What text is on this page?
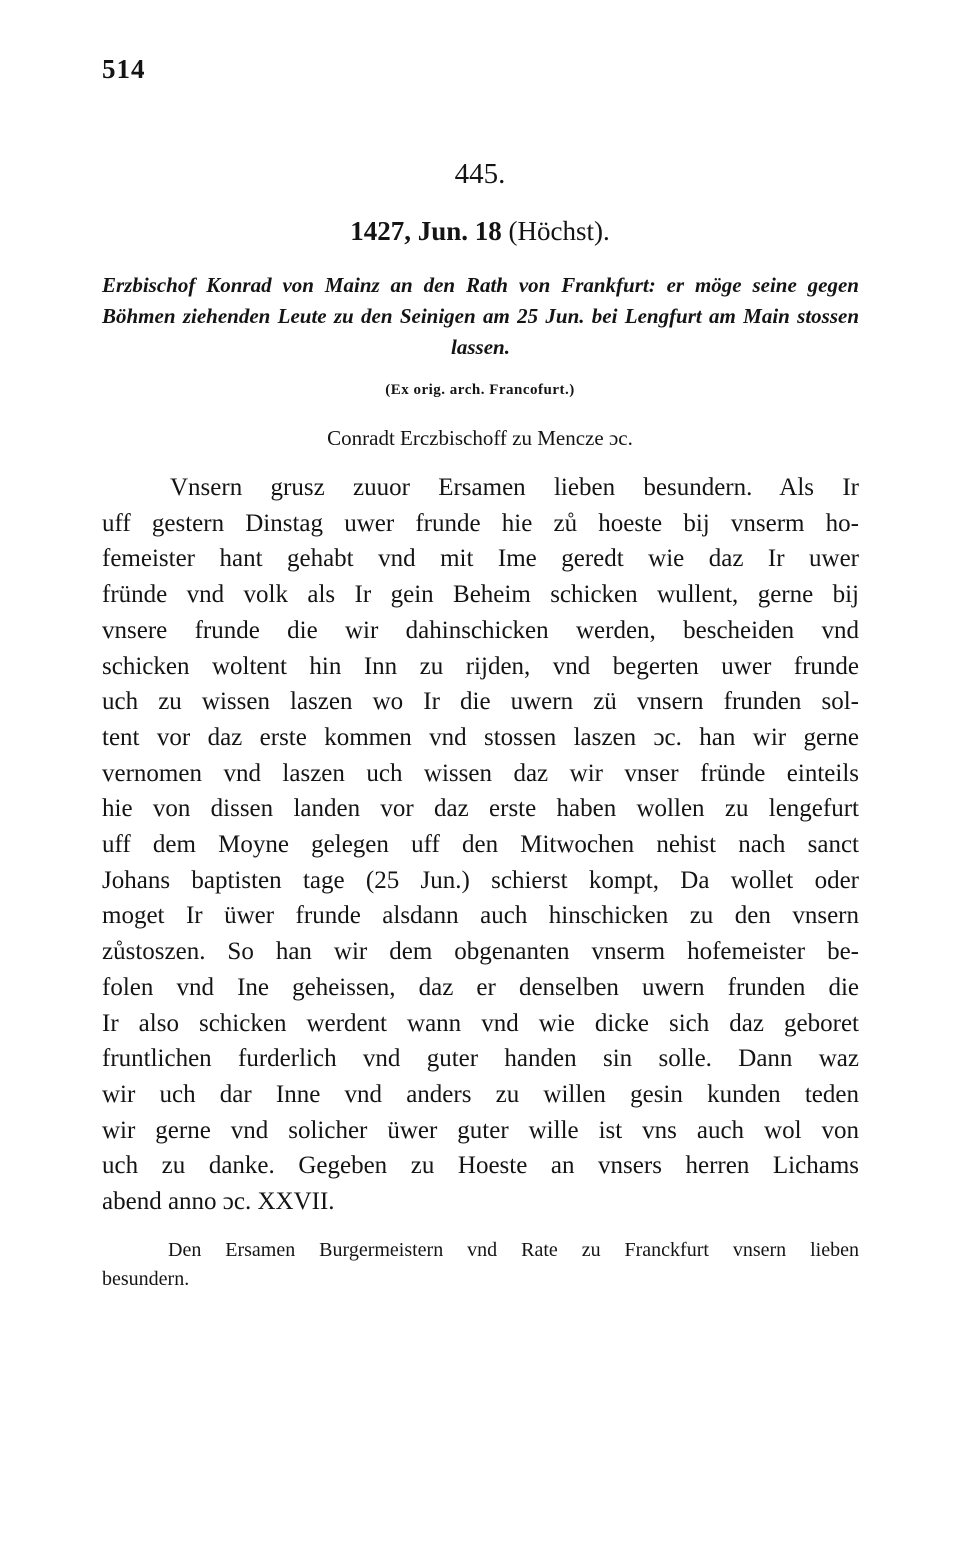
514

445.

1427, Jun. 18 (Höchst).

Erzbischof Konrad von Mainz an den Rath von Frankfurt: er möge seine gegen Böhmen ziehenden Leute zu den Seinigen am 25 Jun. bei Lengfurt am Main stossen lassen.

(Ex orig. arch. Francofurt.)

Conradt Erczbischoff zu Mencze ɔc.

Vnsern grusz zuuor Ersamen lieben besundern. Als Ir
uff gestern Dinstag uwer frunde hie zů hoeste bij vnserm ho-
femeister hant gehabt vnd mit Ime geredt wie daz Ir uwer
fründe vnd volk als Ir gein Beheim schicken wullent, gerne bij
vnsere frunde die wir dahinschicken werden, bescheiden vnd
schicken woltent hin Inn zu rijden, vnd begerten uwer frunde
uch zu wissen laszen wo Ir die uwern zü vnsern frunden sol-
tent vor daz erste kommen vnd stossen laszen ɔc. han wir gerne
vernomen vnd laszen uch wissen daz wir vnser fründe einteils
hie von dissen landen vor daz erste haben wollen zu lengefurt
uff dem Moyne gelegen uff den Mitwochen nehist nach sanct
Johans baptisten tage (25 Jun.) schierst kompt, Da wollet oder
moget Ir üwer frunde alsdann auch hinschicken zu den vnsern
zůstoszen. So han wir dem obgenanten vnserm hofemeister be-
folen vnd Ine geheissen, daz er denselben uwern frunden die
Ir also schicken werdent wann vnd wie dicke sich daz geboret
fruntlichen furderlich vnd guter handen sin solle. Dann waz
wir uch dar Inne vnd anders zu willen gesin kunden teden
wir gerne vnd solicher üwer guter wille ist vns auch wol von
uch zu danke. Gegeben zu Hoeste an vnsers herren Lichams
abend anno ɔc. XXVII.
Den Ersamen Burgermeistern vnd Rate zu Franckfurt vnsern lieben
besundern.
